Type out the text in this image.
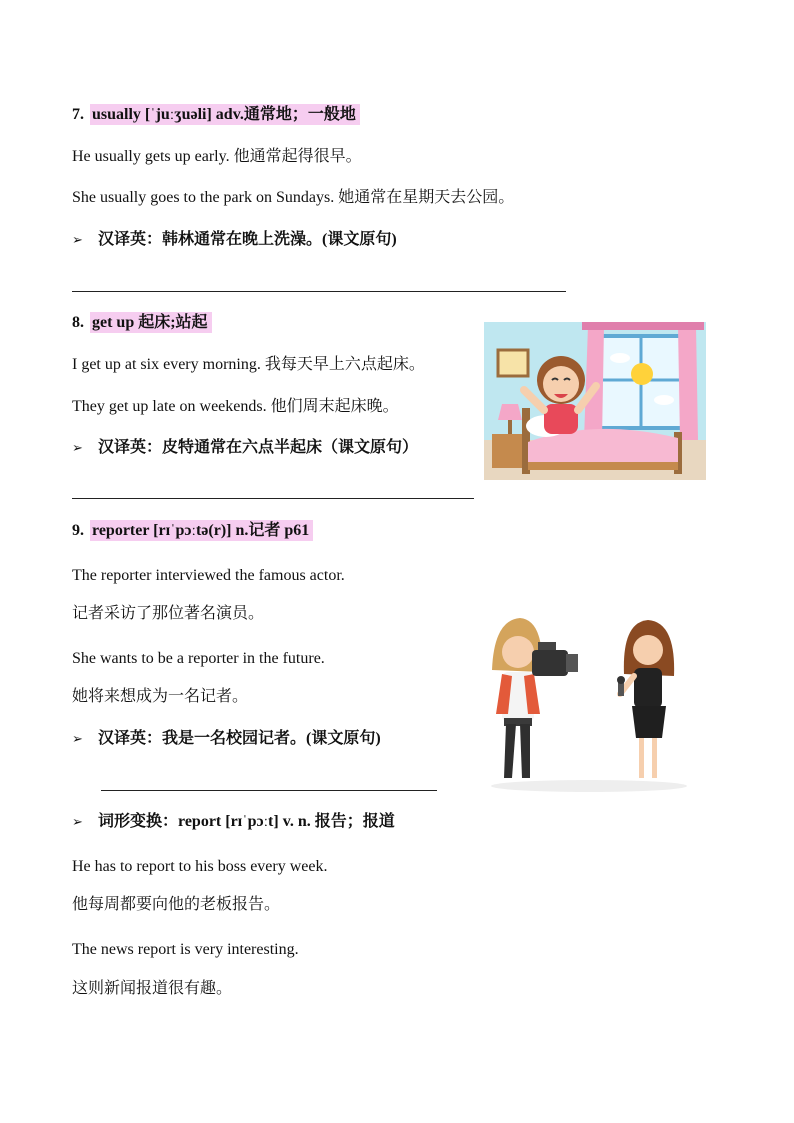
7. usually [ˈjuːʒuəli] adv.通常地；一般地
He usually gets up early. 他通常起得很早。
She usually goes to the park on Sundays. 她通常在星期天去公园。
➢ 汉译英：韩林通常在晚上洗澡。(课文原句)
8. get up 起床;站起
I get up at six every morning. 我每天早上六点起床。
They get up late on weekends. 他们周末起床晚。
➢ 汉译英：皮特通常在六点半起床（课文原句）
9. reporter [rɪˈpɔːtə(r)] n.记者 p61
The reporter interviewed the famous actor.
记者采访了那位著名演员。
She wants to be a reporter in the future.
她将来想成为一名记者。
➢ 汉译英：我是一名校园记者。(课文原句)
➢ 词形变换：report [rɪˈpɔːt] v. n. 报告；报道
He has to report to his boss every week.
他每周都要向他的老板报告。
The news report is very interesting.
这则新闻报道很有趣。
